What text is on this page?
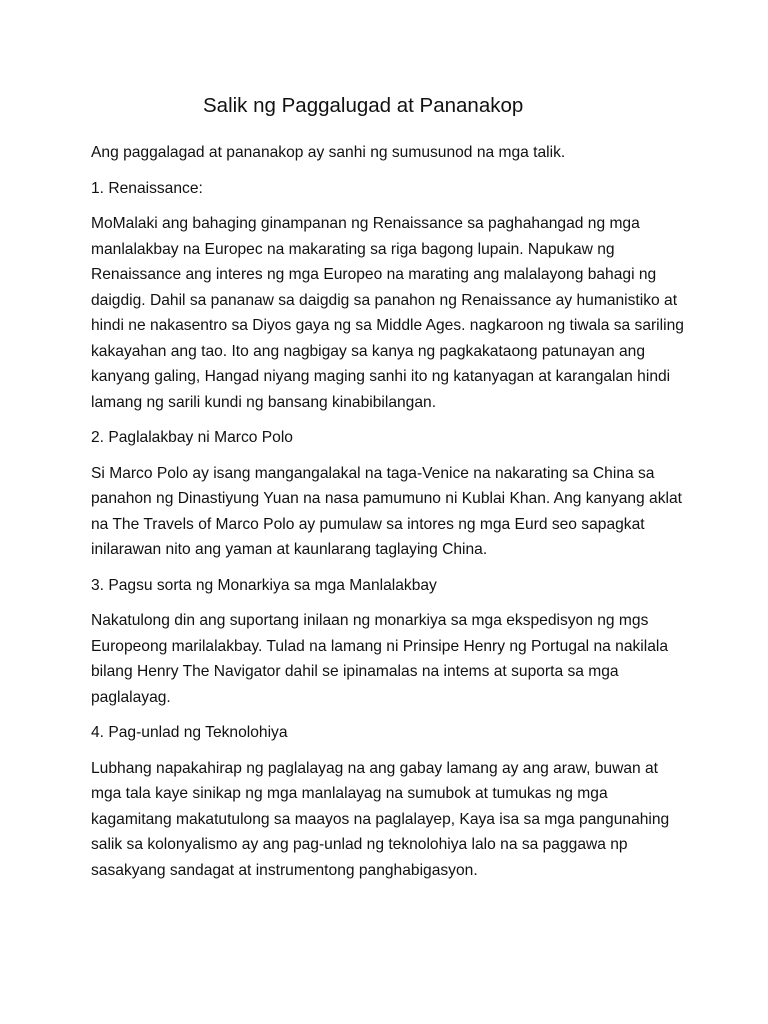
Salik ng Paggalugad at Pananakop

Ang paggalagad at pananakop ay sanhi ng sumusunod na mga talik.

1. Renaissance:

MoMalaki ang bahaging ginampanan ng Renaissance sa paghahangad ng mga manlalakbay na Europec na makarating sa riga bagong lupain. Napukaw ng Renaissance ang interes ng mga Europeo na marating ang malalayong bahagi ng daigdig. Dahil sa pananaw sa daigdig sa panahon ng Renaissance ay humanistiko at hindi ne nakasentro sa Diyos gaya ng sa Middle Ages. nagkaroon ng tiwala sa sariling kakayahan ang tao. Ito ang nagbigay sa kanya ng pagkakataong patunayan ang kanyang galing, Hangad niyang maging sanhi ito ng katanyagan at karangalan hindi lamang ng sarili kundi ng bansang kinabibilangan.

2. Paglalakbay ni Marco Polo

Si Marco Polo ay isang mangangalakal na taga-Venice na nakarating sa China sa panahon ng Dinastiyung Yuan na nasa pamumuno ni Kublai Khan. Ang kanyang aklat na The Travels of Marco Polo ay pumulaw sa intores ng mga Eurd seo sapagkat inilarawan nito ang yaman at kaunlarang taglaying China.

3. Pagsu sorta ng Monarkiya sa mga Manlalakbay

Nakatulong din ang suportang inilaan ng monarkiya sa mga ekspedisyon ng mgs Europeong marilalakbay. Tulad na lamang ni Prinsipe Henry ng Portugal na nakilala bilang Henry The Navigator dahil se ipinamalas na intems at suporta sa mga paglalayag.

4. Pag-unlad ng Teknolohiya

Lubhang napakahirap ng paglalayag na ang gabay lamang ay ang araw, buwan at mga tala kaye sinikap ng mga manlalayag na sumubok at tumukas ng mga kagamitang makatutulong sa maayos na paglalayep, Kaya isa sa mga pangunahing salik sa kolonyalismo ay ang pag-unlad ng teknolohiya lalo na sa paggawa np sasakyang sandagat at instrumentong panghabigasyon.
